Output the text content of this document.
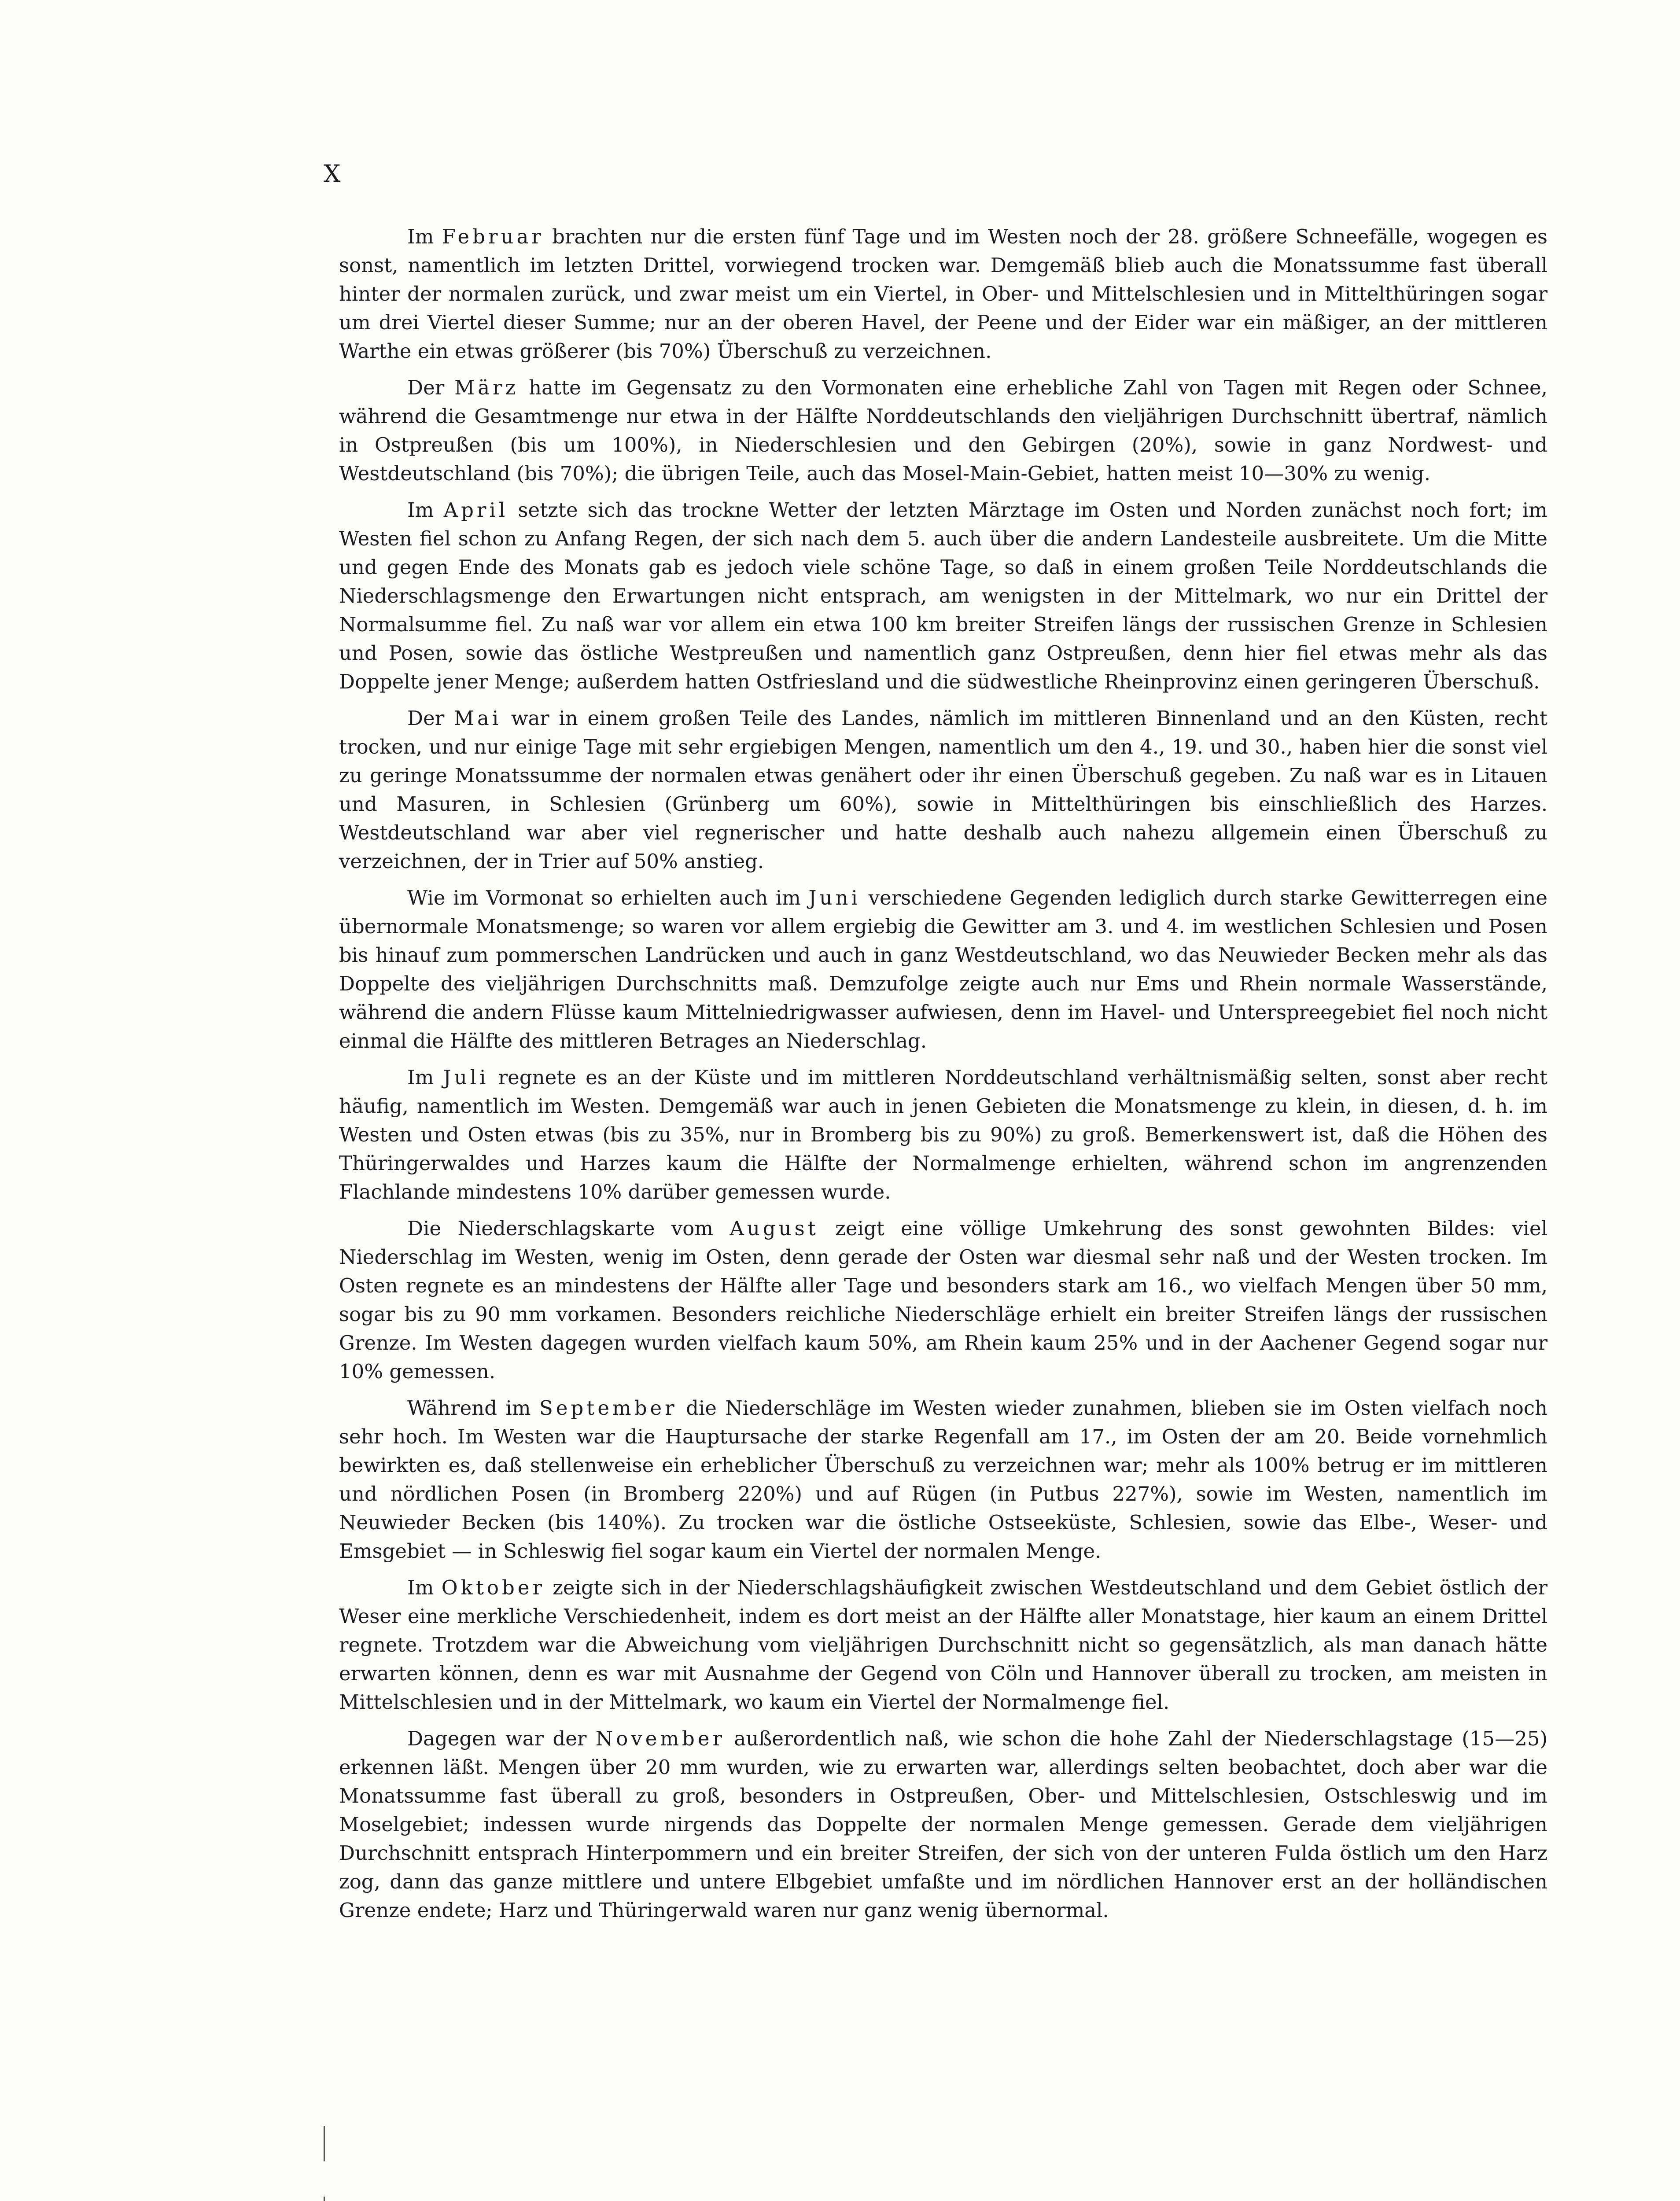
X

Im Februar brachten nur die ersten fünf Tage und im Westen noch der 28. größere Schneefälle, wogegen es sonst, namentlich im letzten Drittel, vorwiegend trocken war. Demgemäß blieb auch die Monatssumme fast überall hinter der normalen zurück, und zwar meist um ein Viertel, in Ober- und Mittelschlesien und in Mittelthüringen sogar um drei Viertel dieser Summe; nur an der oberen Havel, der Peene und der Eider war ein mäßiger, an der mittleren Warthe ein etwas größerer (bis 70%) Überschuß zu verzeichnen.

Der März hatte im Gegensatz zu den Vormonaten eine erhebliche Zahl von Tagen mit Regen oder Schnee, während die Gesamtmenge nur etwa in der Hälfte Norddeutschlands den vieljährigen Durchschnitt übertraf, nämlich in Ostpreußen (bis um 100%), in Niederschlesien und den Gebirgen (20%), sowie in ganz Nordwest- und Westdeutschland (bis 70%); die übrigen Teile, auch das Mosel-Main-Gebiet, hatten meist 10—30% zu wenig.

Im April setzte sich das trockne Wetter der letzten Märztage im Osten und Norden zunächst noch fort; im Westen fiel schon zu Anfang Regen, der sich nach dem 5. auch über die andern Landesteile ausbreitete. Um die Mitte und gegen Ende des Monats gab es jedoch viele schöne Tage, so daß in einem großen Teile Norddeutschlands die Niederschlagsmenge den Erwartungen nicht entsprach, am wenigsten in der Mittelmark, wo nur ein Drittel der Normalsumme fiel. Zu naß war vor allem ein etwa 100 km breiter Streifen längs der russischen Grenze in Schlesien und Posen, sowie das östliche Westpreußen und namentlich ganz Ostpreußen, denn hier fiel etwas mehr als das Doppelte jener Menge; außerdem hatten Ostfriesland und die südwestliche Rheinprovinz einen geringeren Überschuß.

Der Mai war in einem großen Teile des Landes, nämlich im mittleren Binnenland und an den Küsten, recht trocken, und nur einige Tage mit sehr ergiebigen Mengen, namentlich um den 4., 19. und 30., haben hier die sonst viel zu geringe Monatssumme der normalen etwas genähert oder ihr einen Überschuß gegeben. Zu naß war es in Litauen und Masuren, in Schlesien (Grünberg um 60%), sowie in Mittelthüringen bis einschließlich des Harzes. Westdeutschland war aber viel regnerischer und hatte deshalb auch nahezu allgemein einen Überschuß zu verzeichnen, der in Trier auf 50% anstieg.

Wie im Vormonat so erhielten auch im Juni verschiedene Gegenden lediglich durch starke Gewitterregen eine übernormale Monatsmenge; so waren vor allem ergiebig die Gewitter am 3. und 4. im westlichen Schlesien und Posen bis hinauf zum pommerschen Landrücken und auch in ganz Westdeutschland, wo das Neuwieder Becken mehr als das Doppelte des vieljährigen Durchschnitts maß. Demzufolge zeigte auch nur Ems und Rhein normale Wasserstände, während die andern Flüsse kaum Mittelniedrigwasser aufwiesen, denn im Havel- und Unterspreegebiet fiel noch nicht einmal die Hälfte des mittleren Betrages an Niederschlag.

Im Juli regnete es an der Küste und im mittleren Norddeutschland verhältnismäßig selten, sonst aber recht häufig, namentlich im Westen. Demgemäß war auch in jenen Gebieten die Monatsmenge zu klein, in diesen, d. h. im Westen und Osten etwas (bis zu 35%, nur in Bromberg bis zu 90%) zu groß. Bemerkenswert ist, daß die Höhen des Thüringerwaldes und Harzes kaum die Hälfte der Normalmenge erhielten, während schon im angrenzenden Flachlande mindestens 10% darüber gemessen wurde.

Die Niederschlagskarte vom August zeigt eine völlige Umkehrung des sonst gewohnten Bildes: viel Niederschlag im Westen, wenig im Osten, denn gerade der Osten war diesmal sehr naß und der Westen trocken. Im Osten regnete es an mindestens der Hälfte aller Tage und besonders stark am 16., wo vielfach Mengen über 50 mm, sogar bis zu 90 mm vorkamen. Besonders reichliche Niederschläge erhielt ein breiter Streifen längs der russischen Grenze. Im Westen dagegen wurden vielfach kaum 50%, am Rhein kaum 25% und in der Aachener Gegend sogar nur 10% gemessen.

Während im September die Niederschläge im Westen wieder zunahmen, blieben sie im Osten vielfach noch sehr hoch. Im Westen war die Hauptursache der starke Regenfall am 17., im Osten der am 20. Beide vornehmlich bewirkten es, daß stellenweise ein erheblicher Überschuß zu verzeichnen war; mehr als 100% betrug er im mittleren und nördlichen Posen (in Bromberg 220%) und auf Rügen (in Putbus 227%), sowie im Westen, namentlich im Neuwieder Becken (bis 140%). Zu trocken war die östliche Ostseeküste, Schlesien, sowie das Elbe-, Weser- und Emsgebiet — in Schleswig fiel sogar kaum ein Viertel der normalen Menge.

Im Oktober zeigte sich in der Niederschlagshäufigkeit zwischen Westdeutschland und dem Gebiet östlich der Weser eine merkliche Verschiedenheit, indem es dort meist an der Hälfte aller Monatstage, hier kaum an einem Drittel regnete. Trotzdem war die Abweichung vom vieljährigen Durchschnitt nicht so gegensätzlich, als man danach hätte erwarten können, denn es war mit Ausnahme der Gegend von Cöln und Hannover überall zu trocken, am meisten in Mittelschlesien und in der Mittelmark, wo kaum ein Viertel der Normalmenge fiel.

Dagegen war der November außerordentlich naß, wie schon die hohe Zahl der Niederschlagstage (15—25) erkennen läßt. Mengen über 20 mm wurden, wie zu erwarten war, allerdings selten beobachtet, doch aber war die Monatssumme fast überall zu groß, besonders in Ostpreußen, Ober- und Mittelschlesien, Ostschleswig und im Moselgebiet; indessen wurde nirgends das Doppelte der normalen Menge gemessen. Gerade dem vieljährigen Durchschnitt entsprach Hinterpommern und ein breiter Streifen, der sich von der unteren Fulda östlich um den Harz zog, dann das ganze mittlere und untere Elbgebiet umfaßte und im nördlichen Hannover erst an der holländischen Grenze endete; Harz und Thüringerwald waren nur ganz wenig übernormal.
